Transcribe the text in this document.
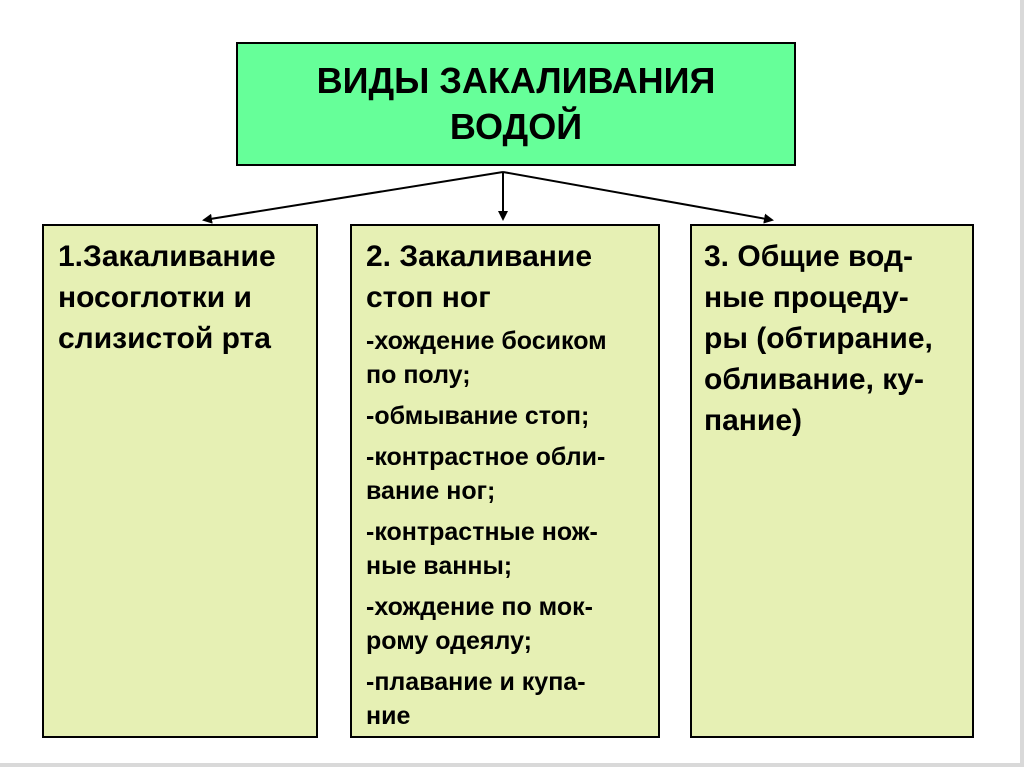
ВИДЫ ЗАКАЛИВАНИЯ
ВОДОЙ
1.Закаливание
носоглотки и
слизистой рта
2. Закаливание
стоп ног
-хождение босиком
по полу;
-обмывание стоп;
-контрастное обли-
вание ног;
-контрастные нож-
ные ванны;
-хождение по мок-
рому одеялу;
-плавание и купа-
ние
3. Общие вод-
ные процеду-
ры (обтирание,
обливание, ку-
пание)
